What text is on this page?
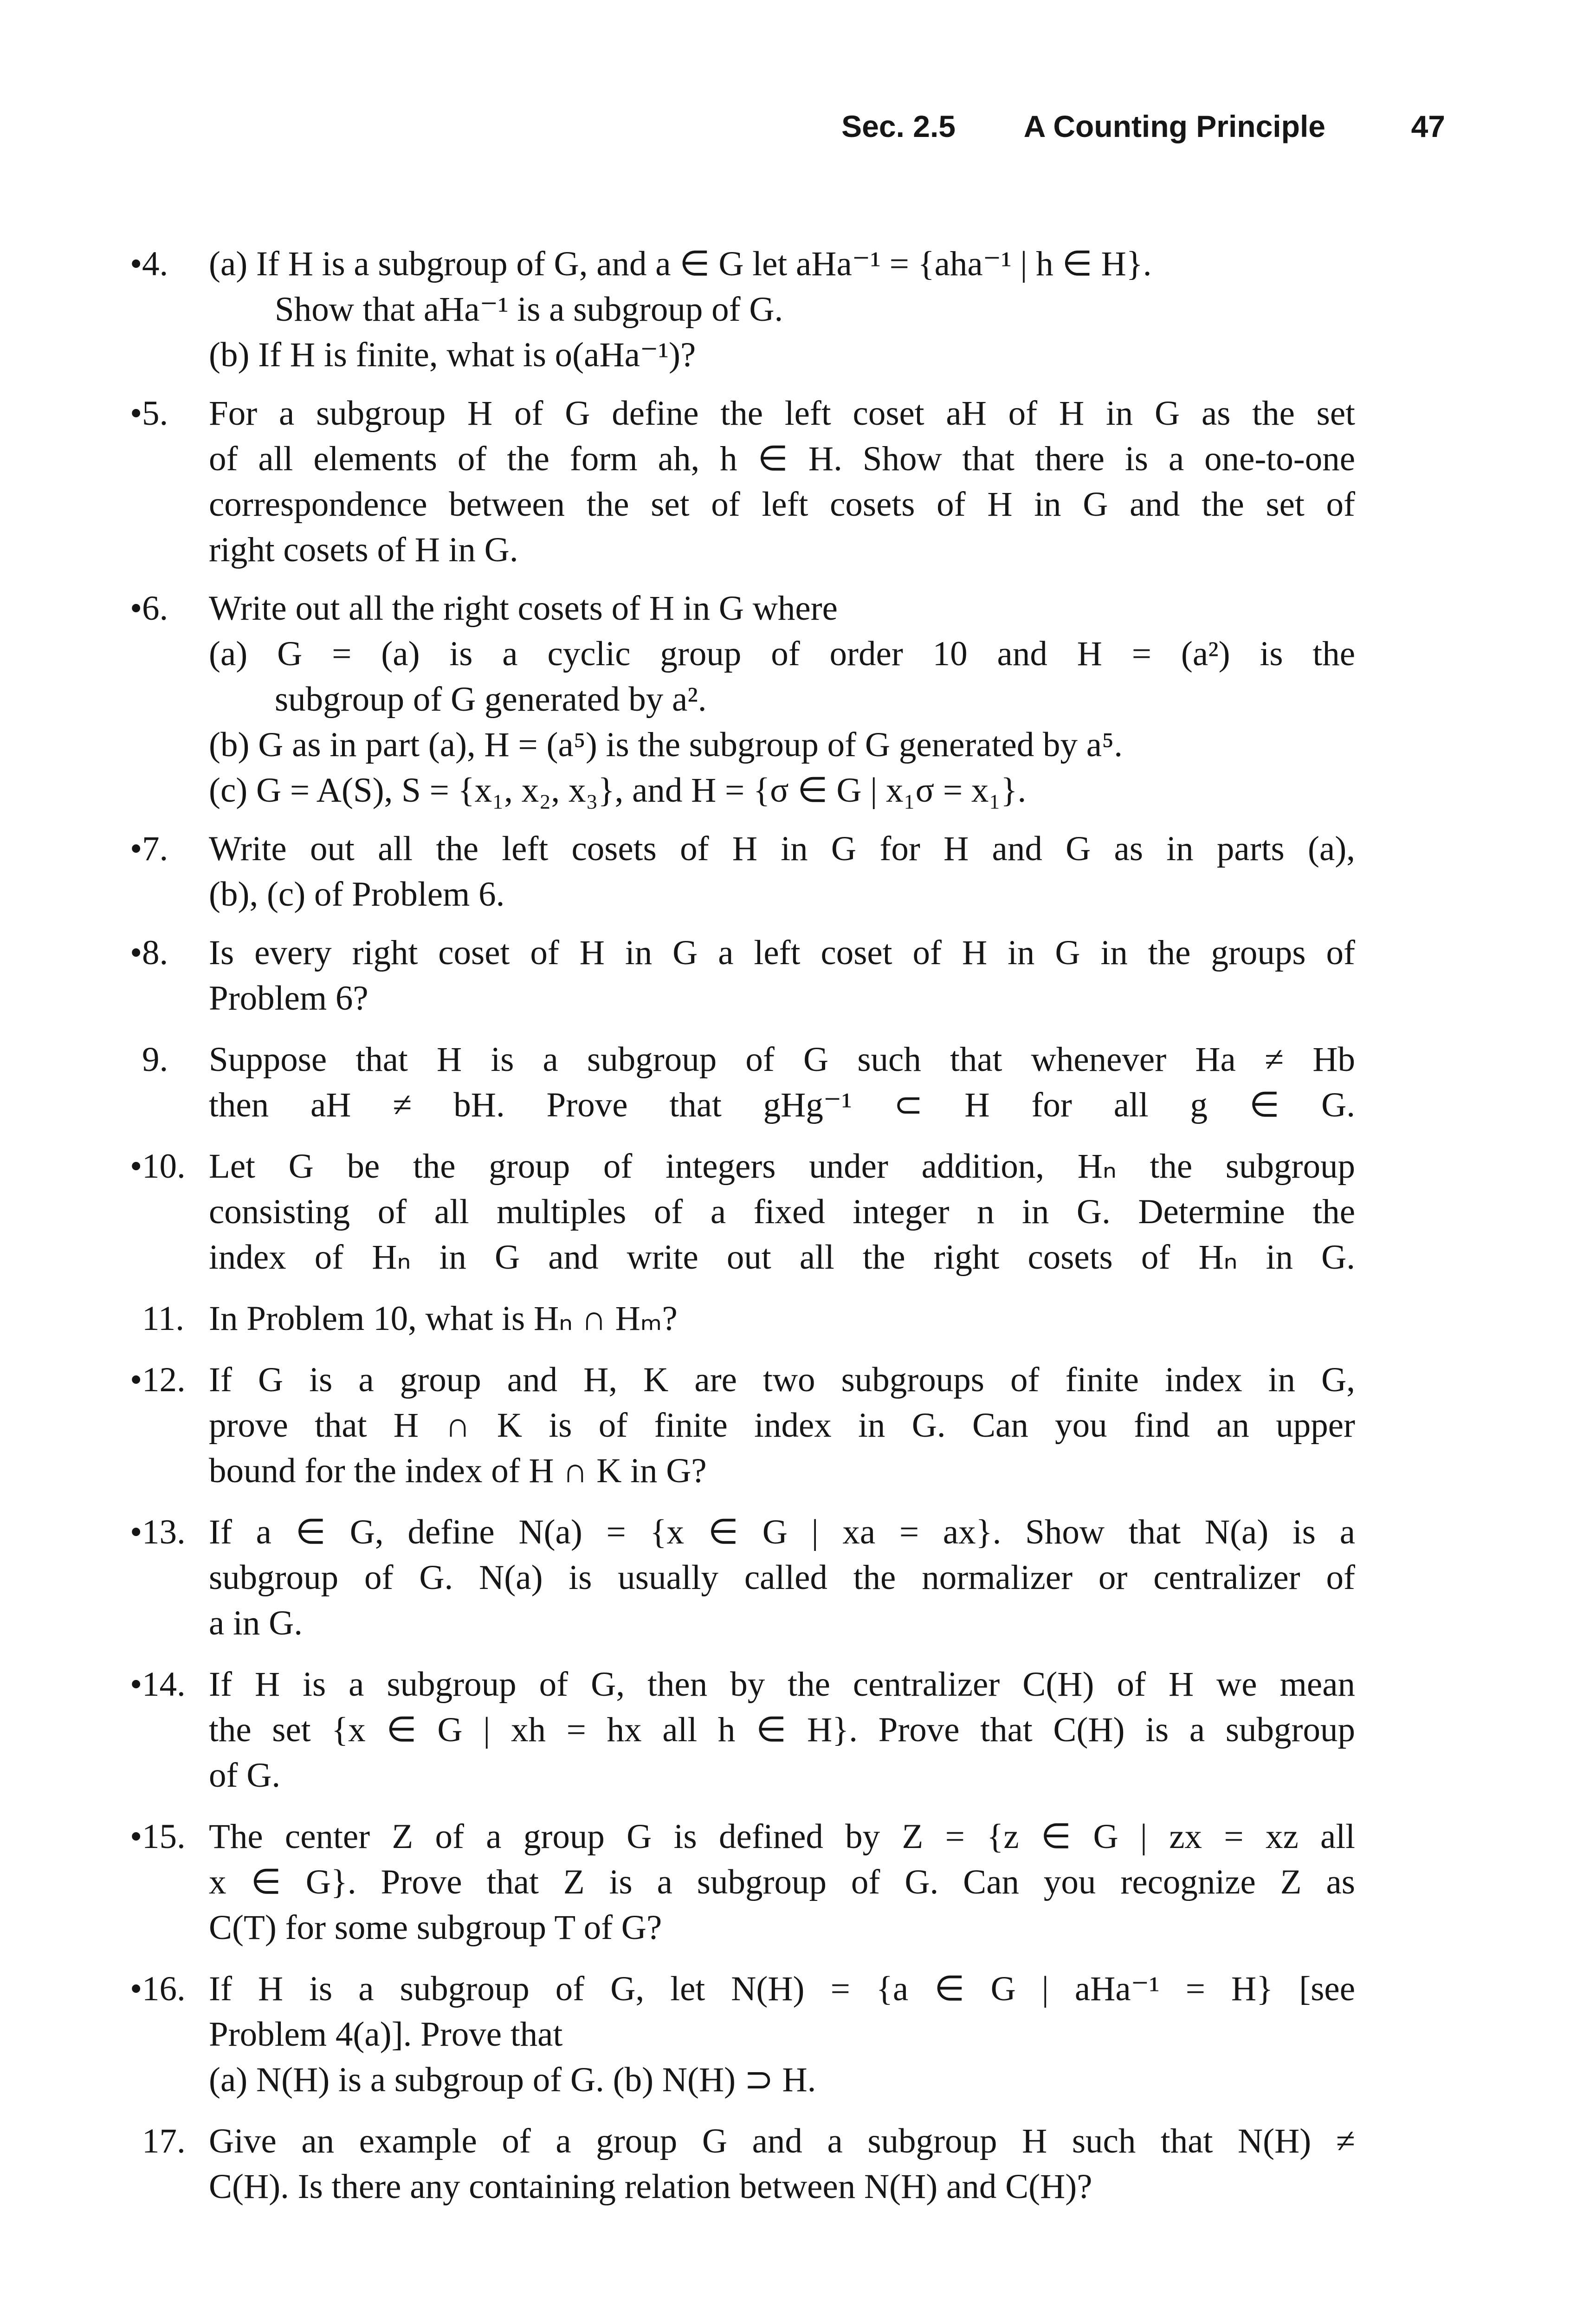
Sec. 2.5 A Counting Principle	47
•4.	(a) If H is a subgroup of G, and a ∈ G let aHa⁻¹ = {aha⁻¹ | h ∈ H}.
Show that aHa⁻¹ is a subgroup of G.
(b) If H is finite, what is o(aHa⁻¹)?
•5.	For a subgroup H of G define the left coset aH of H in G as the set
of all elements of the form ah, h ∈ H. Show that there is a one-to-one
correspondence between the set of left cosets of H in G and the set of
right cosets of H in G.
•6.	Write out all the right cosets of H in G where
(a) G = (a) is a cyclic group of order 10 and H = (a²) is the
subgroup of G generated by a².
(b) G as in part (a), H = (a⁵) is the subgroup of G generated by a⁵.
(c) G = A(S), S = {x₁, x₂, x₃}, and H = {σ ∈ G | x₁σ = x₁}.
•7.	Write out all the left cosets of H in G for H and G as in parts (a),
(b), (c) of Problem 6.
•8.	Is every right coset of H in G a left coset of H in G in the groups of
Problem 6?
9.	Suppose that H is a subgroup of G such that whenever Ha ≠ Hb
then aH ≠ bH. Prove that gHg⁻¹ ⊂ H for all g ∈ G.
•10. Let G be the group of integers under addition, Hₙ the subgroup
consisting of all multiples of a fixed integer n in G. Determine the
index of Hₙ in G and write out all the right cosets of Hₙ in G.
11. In Problem 10, what is Hₙ ∩ Hₘ?
•12. If G is a group and H, K are two subgroups of finite index in G,
prove that H ∩ K is of finite index in G. Can you find an upper
bound for the index of H ∩ K in G?
•13. If a ∈ G, define N(a) = {x ∈ G | xa = ax}. Show that N(a) is a
subgroup of G. N(a) is usually called the normalizer or centralizer of
a in G.
•14. If H is a subgroup of G, then by the centralizer C(H) of H we mean
the set {x ∈ G | xh = hx all h ∈ H}. Prove that C(H) is a subgroup
of G.
•15. The center Z of a group G is defined by Z = {z ∈ G | zx = xz all
x ∈ G}. Prove that Z is a subgroup of G. Can you recognize Z as
C(T) for some subgroup T of G?
•16. If H is a subgroup of G, let N(H) = {a ∈ G | aHa⁻¹ = H} [see
Problem 4(a)]. Prove that
(a) N(H) is a subgroup of G. (b) N(H) ⊃ H.
17. Give an example of a group G and a subgroup H such that N(H) ≠
C(H). Is there any containing relation between N(H) and C(H)?
